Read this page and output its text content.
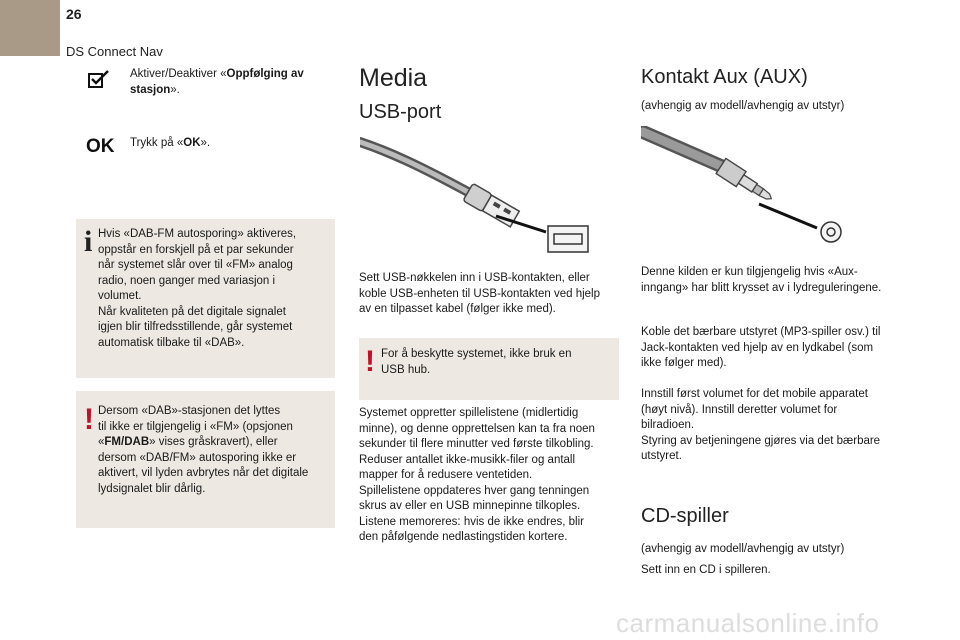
26
DS Connect Nav
Aktiver/Deaktiver «Oppfølging av stasjon».
OK Trykk på «OK».
i Hvis «DAB-FM autosporing» aktiveres,
oppstår en forskjell på et par sekunder
når systemet slår over til «FM» analog
radio, noen ganger med variasjon i
volumet.
Når kvaliteten på det digitale signalet
igjen blir tilfredsstillende, går systemet
automatisk tilbake til «DAB».
! Dersom «DAB»-stasjonen det lyttes
til ikke er tilgjengelig i «FM» (opsjonen
«FM/DAB» vises gråskravert), eller
dersom «DAB/FM» autosporing ikke er
aktivert, vil lyden avbrytes når det digitale
lydsignalet blir dårlig.
Media
USB-port
Sett USB-nøkkelen inn i USB-kontakten, eller
koble USB-enheten til USB-kontakten ved hjelp
av en tilpasset kabel (følger ikke med).
! For å beskytte systemet, ikke bruk en
USB hub.
Systemet oppretter spillelistene (midlertidig
minne), og denne opprettelsen kan ta fra noen
sekunder til flere minutter ved første tilkobling.
Reduser antallet ikke-musikk-filer og antall
mapper for å redusere ventetiden.
Spillelistene oppdateres hver gang tenningen
skrus av eller en USB minnepinne tilkoples.
Listene memoreres: hvis de ikke endres, blir
den påfølgende nedlastingstiden kortere.
Kontakt Aux (AUX)
(avhengig av modell/avhengig av utstyr)
Denne kilden er kun tilgjengelig hvis «Aux-
inngang» har blitt krysset av i lydreguleringene.
Koble det bærbare utstyret (MP3-spiller osv.) til
Jack-kontakten ved hjelp av en lydkabel (som
ikke følger med).
Innstill først volumet for det mobile apparatet
(høyt nivå). Innstill deretter volumet for
bilradioen.
Styring av betjeningene gjøres via det bærbare
utstyret.
CD-spiller
(avhengig av modell/avhengig av utstyr)
Sett inn en CD i spilleren.
carmanualsonline.info
